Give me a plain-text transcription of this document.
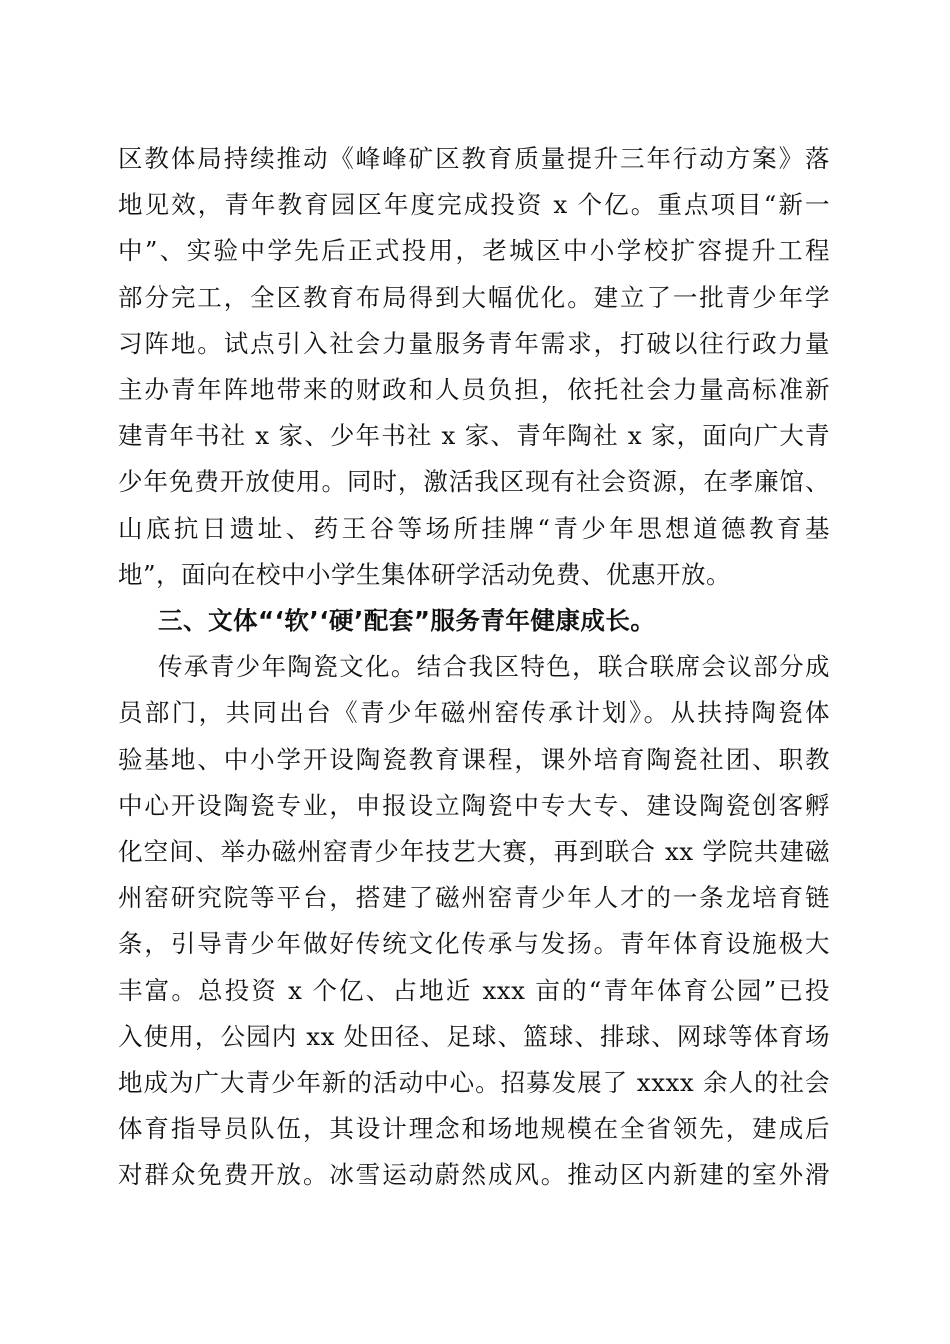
区教体局持续推动《峰峰矿区教育质量提升三年行动方案》落
地见效，青年教育园区年度完成投资 x 个亿。重点项目“新一
中”、实验中学先后正式投用，老城区中小学校扩容提升工程
部分完工，全区教育布局得到大幅优化。建立了一批青少年学
习阵地。试点引入社会力量服务青年需求，打破以往行政力量
主办青年阵地带来的财政和人员负担，依托社会力量高标准新
建青年书社 x 家、少年书社 x 家、青年陶社 x 家，面向广大青
少年免费开放使用。同时，激活我区现有社会资源，在孝廉馆、
山底抗日遗址、药王谷等场所挂牌“青少年思想道德教育基
地”，面向在校中小学生集体研学活动免费、优惠开放。
三、文体“‘软’‘硬’配套”服务青年健康成长。
传承青少年陶瓷文化。结合我区特色，联合联席会议部分成
员部门，共同出台《青少年磁州窑传承计划》。从扶持陶瓷体
验基地、中小学开设陶瓷教育课程，课外培育陶瓷社团、职教
中心开设陶瓷专业，申报设立陶瓷中专大专、建设陶瓷创客孵
化空间、举办磁州窑青少年技艺大赛，再到联合 xx 学院共建磁
州窑研究院等平台，搭建了磁州窑青少年人才的一条龙培育链
条，引导青少年做好传统文化传承与发扬。青年体育设施极大
丰富。总投资 x 个亿、占地近 xxx 亩的“青年体育公园”已投
入使用，公园内 xx 处田径、足球、篮球、排球、网球等体育场
地成为广大青少年新的活动中心。招募发展了 xxxx 余人的社会
体育指导员队伍，其设计理念和场地规模在全省领先，建成后
对群众免费开放。冰雪运动蔚然成风。推动区内新建的室外滑
